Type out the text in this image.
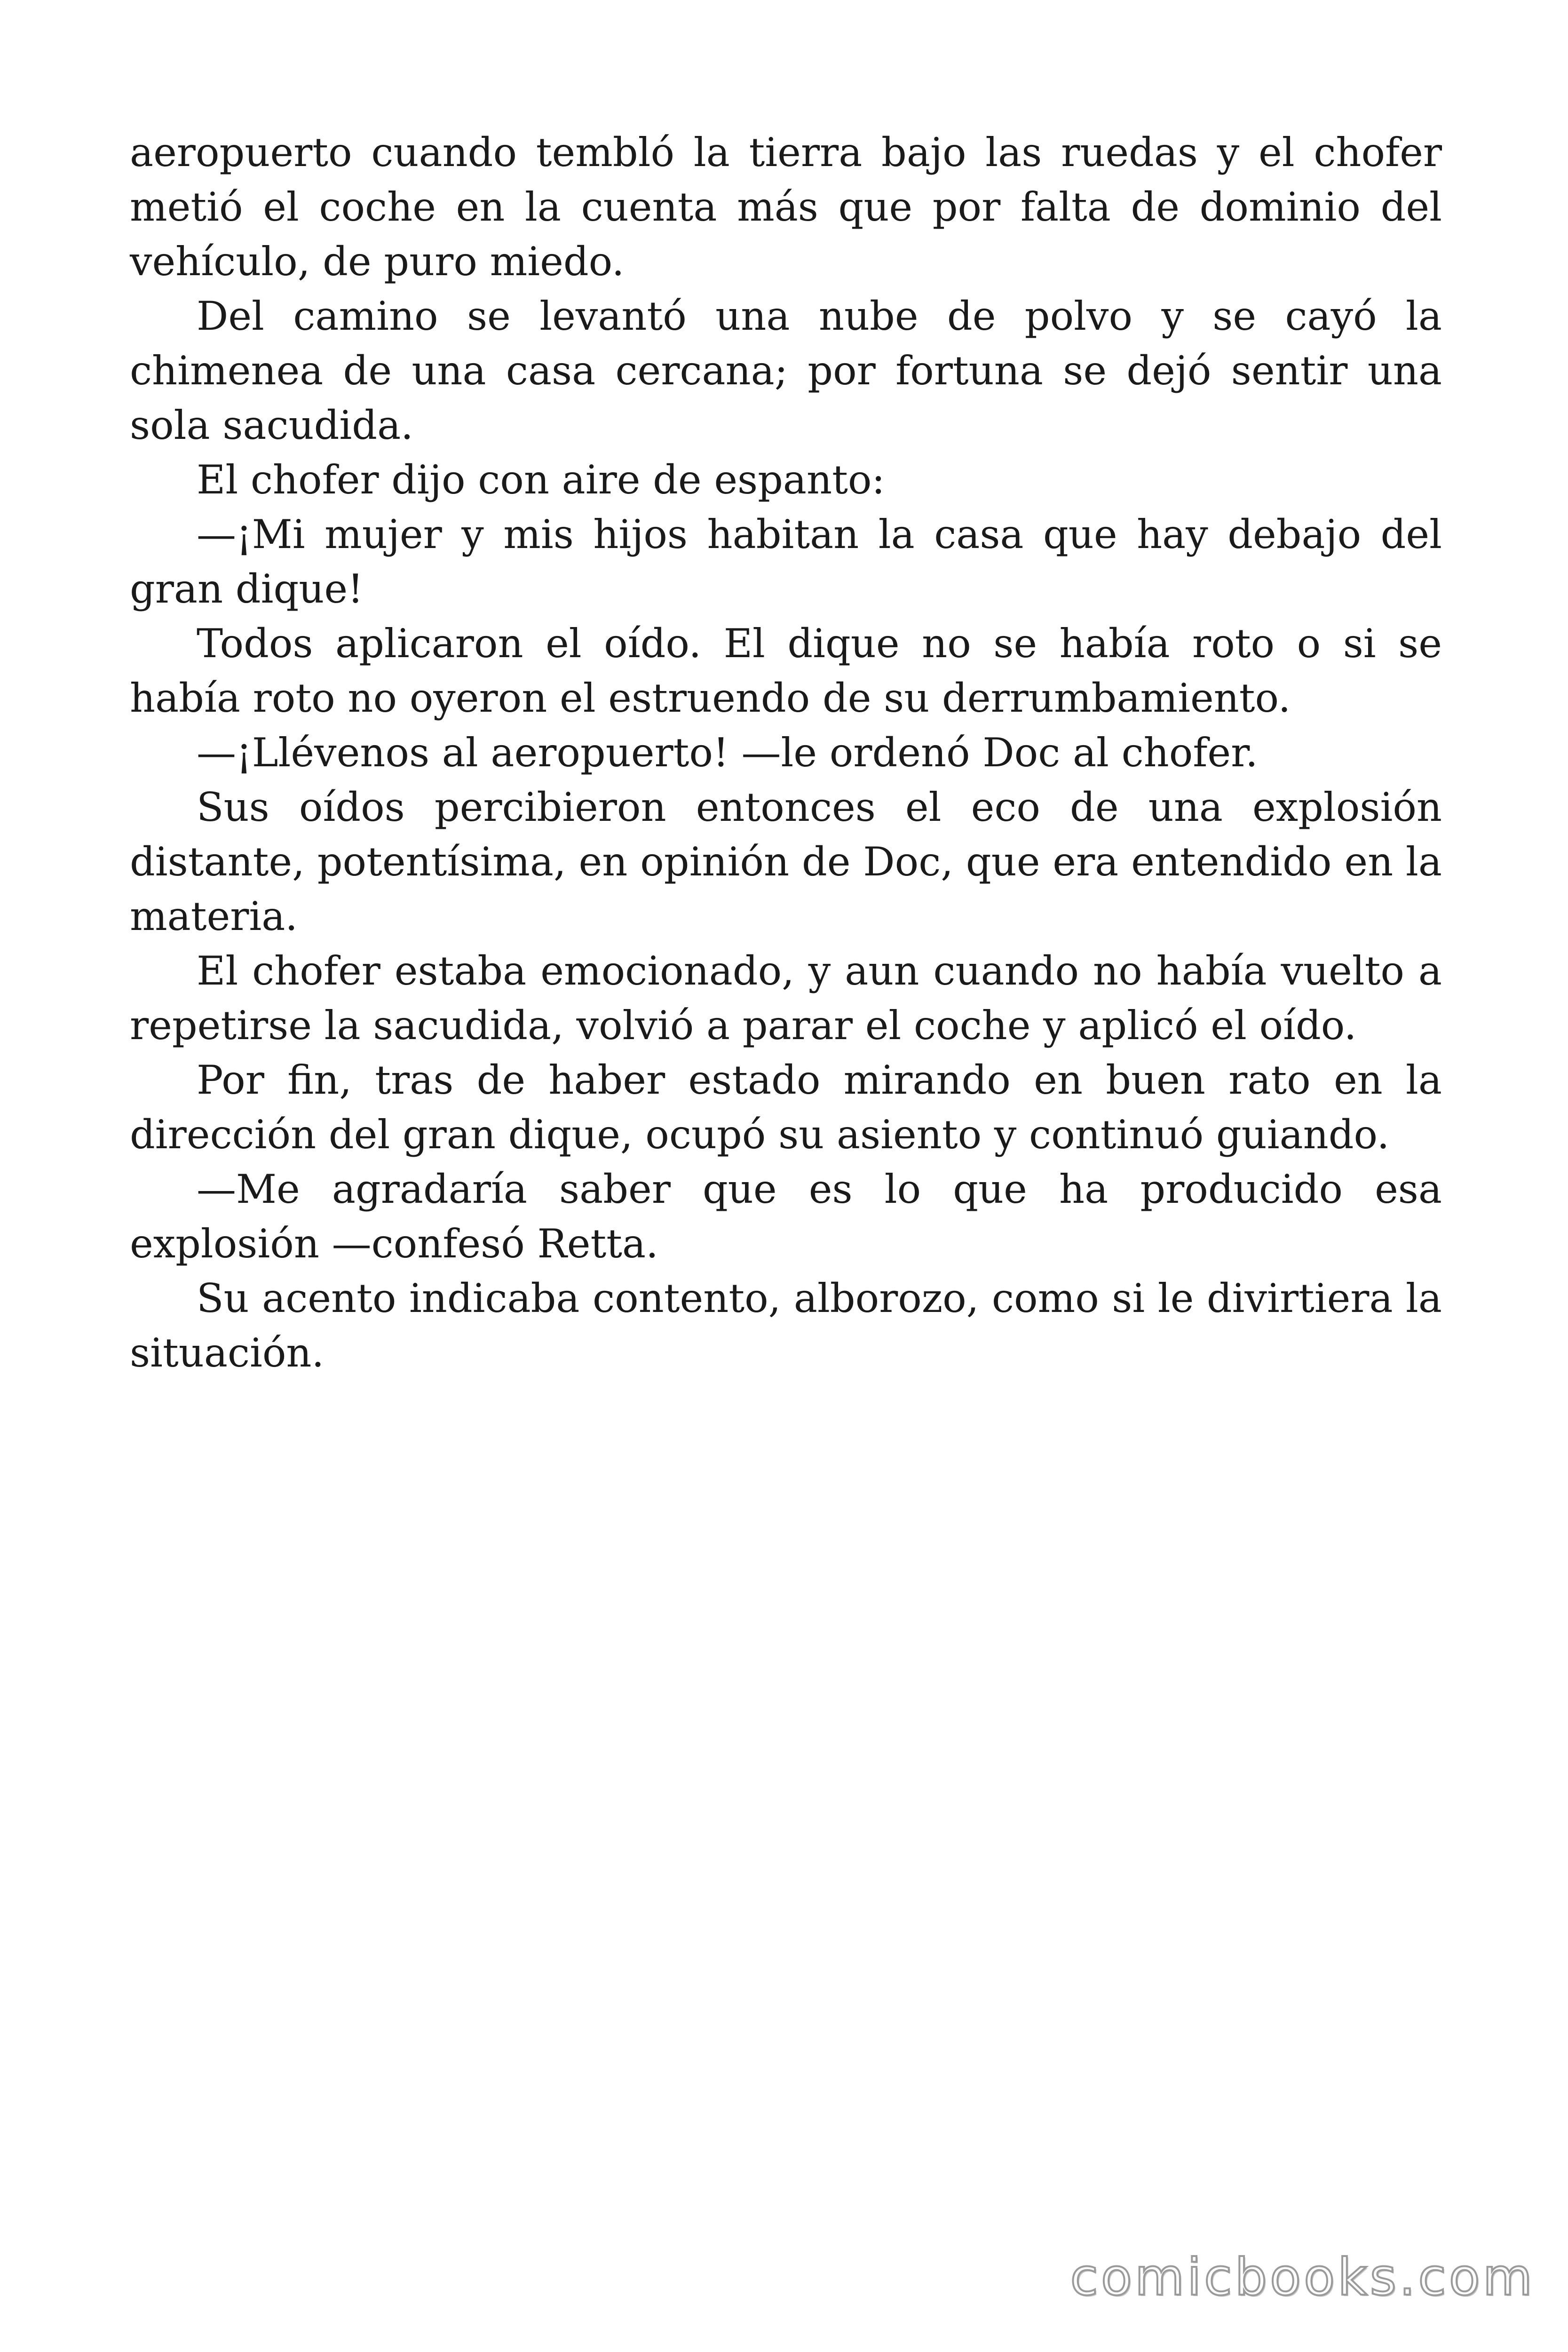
aeropuerto cuando tembló la tierra bajo las ruedas y el chofer metió el coche en la cuenta más que por falta de dominio del vehículo, de puro miedo.

Del camino se levantó una nube de polvo y se cayó la chimenea de una casa cercana; por fortuna se dejó sentir una sola sacudida.

El chofer dijo con aire de espanto:

—¡Mi mujer y mis hijos habitan la casa que hay debajo del gran dique!

Todos aplicaron el oído. El dique no se había roto o si se había roto no oyeron el estruendo de su derrumbamiento.

—¡Llévenos al aeropuerto! —le ordenó Doc al chofer.

Sus oídos percibieron entonces el eco de una explosión distante, potentísima, en opinión de Doc, que era entendido en la materia.

El chofer estaba emocionado, y aun cuando no había vuelto a repetirse la sacudida, volvió a parar el coche y aplicó el oído.

Por fin, tras de haber estado mirando en buen rato en la dirección del gran dique, ocupó su asiento y continuó guiando.

—Me agradaría saber que es lo que ha producido esa explosión —confesó Retta.

Su acento indicaba contento, alborozo, como si le divirtiera la situación.

comicbooks.com
